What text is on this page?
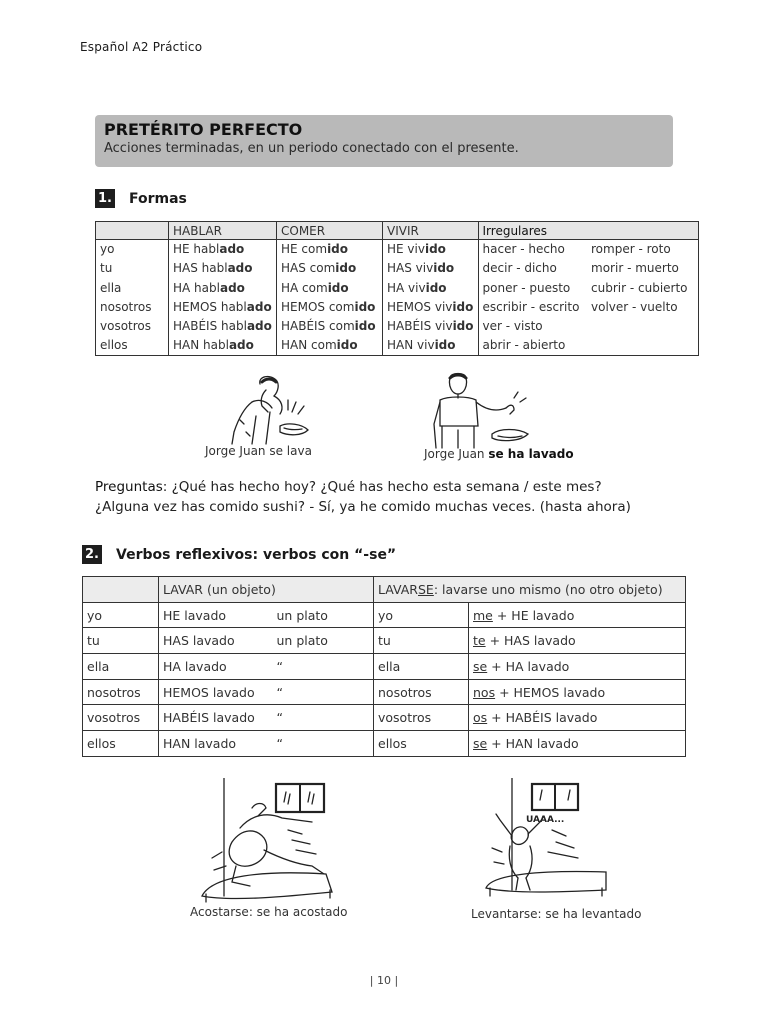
Español A2 Práctico
PRETÉRITO PERFECTO
Acciones terminadas, en un periodo conectado con el presente.
1. Formas
	HABLAR	COMER	VIVIR	Irregulares	
yo	HE hablado	HE comido	HE vivido	hacer - hecho	romper - roto
tu	HAS hablado	HAS comido	HAS vivido	decir - dicho	morir - muerto
ella	HA hablado	HA comido	HA vivido	poner - puesto	cubrir - cubierto
nosotros	HEMOS hablado	HEMOS comido	HEMOS vivido	escribir - escrito	volver - vuelto
vosotros	HABÉIS hablado	HABÉIS comido	HABÉIS vivido	ver - visto	
ellos	HAN hablado	HAN comido	HAN vivido	abrir - abierto	
Jorge Juan se lava	Jorge Juan se ha lavado
Preguntas: ¿Qué has hecho hoy? ¿Qué has hecho esta semana / este mes?
¿Alguna vez has comido sushi? - Sí, ya he comido muchas veces. (hasta ahora)
2. Verbos reflexivos: verbos con “-se”
	LAVAR (un objeto)		LAVARSE: lavarse uno mismo (no otro objeto)	
yo	HE lavado	un plato	yo	me + HE lavado
tu	HAS lavado	un plato	tu	te + HAS lavado
ella	HA lavado	“	ella	se + HA lavado
nosotros	HEMOS lavado	“	nosotros	nos + HEMOS lavado
vosotros	HABÉIS lavado	“	vosotros	os + HABÉIS lavado
ellos	HAN lavado	“	ellos	se + HAN lavado
Acostarse: se ha acostado
UAAA...
Levantarse: se ha levantado
| 10 |
